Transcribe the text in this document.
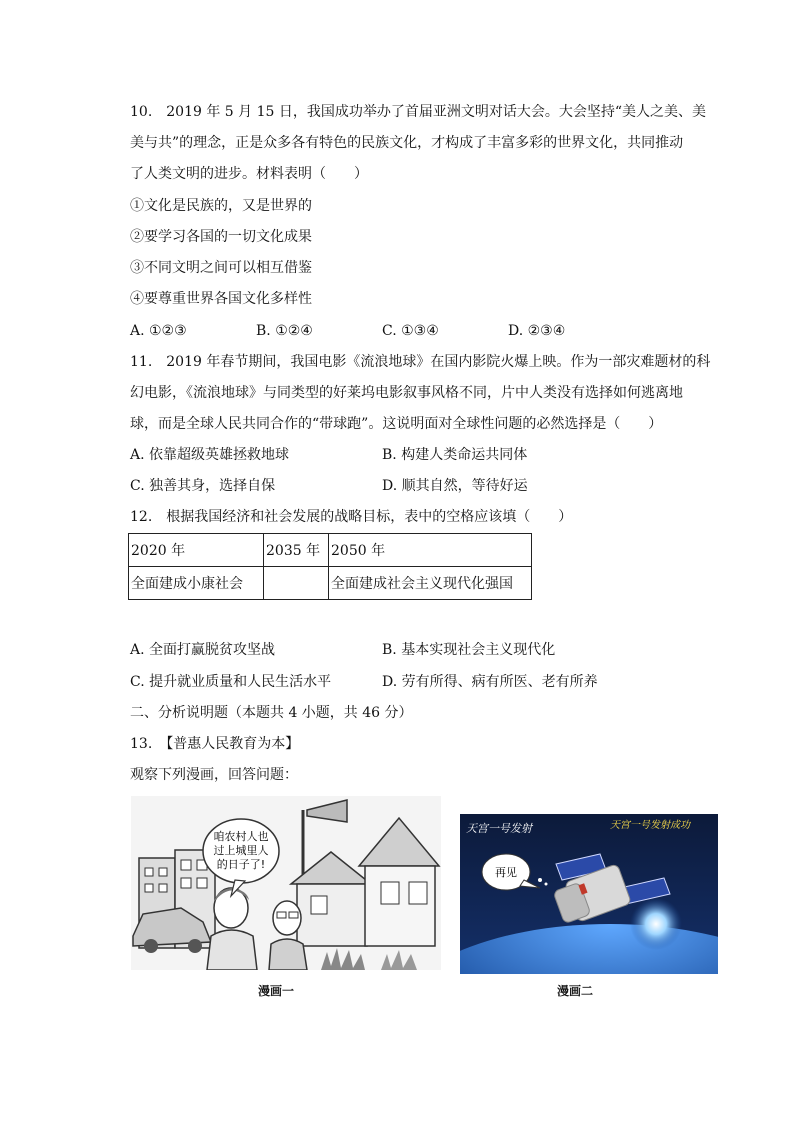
10.　2019 年 5 月 15 日，我国成功举办了首届亚洲文明对话大会。大会坚持“美人之美、美
美与共”的理念，正是众多各有特色的民族文化，才构成了丰富多彩的世界文化，共同推动
了人类文明的进步。材料表明（　　）
①文化是民族的，又是世界的
②要学习各国的一切文化成果
③不同文明之间可以相互借鉴
④要尊重世界各国文化多样性
A. ①②③	B. ①②④	C. ①③④	D. ②③④
11.　2019 年春节期间，我国电影《流浪地球》在国内影院火爆上映。作为一部灾难题材的科
幻电影，《流浪地球》与同类型的好莱坞电影叙事风格不同，片中人类没有选择如何逃离地
球，而是全球人民共同合作的“带球跑”。这说明面对全球性问题的必然选择是（　　）
A. 依靠超级英雄拯救地球	B. 构建人类命运共同体
C. 独善其身，选择自保	D. 顺其自然，等待好运
12.　根据我国经济和社会发展的战略目标，表中的空格应该填（　　）
2020 年	2035 年	2050 年
全面建成小康社会		全面建成社会主义现代化强国
A. 全面打赢脱贫攻坚战	B. 基本实现社会主义现代化
C. 提升就业质量和人民生活水平	D. 劳有所得、病有所医、老有所养
二、分析说明题（本题共 4 小题，共 46 分）
13.　【普惠人民教育为本】
观察下列漫画，回答问题：
咱农村人也
过上城里人
的日子了!
漫画一
天宫一号发射	天宫一号发射成功
再见
漫画二
